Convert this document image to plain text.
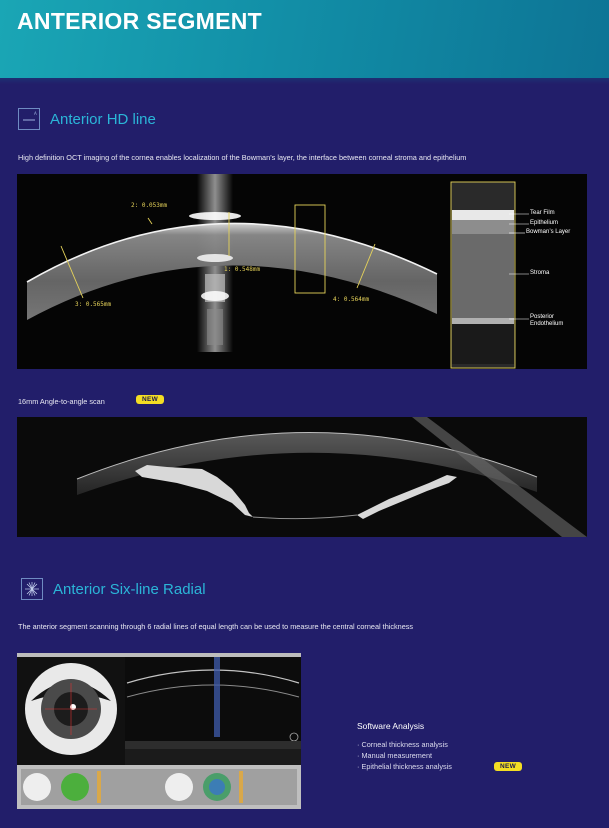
ANTERIOR SEGMENT
A Anterior HD line
High definition OCT imaging of the cornea enables localization of the Bowman’s layer, the interface between corneal stroma and epithelium
2: 0.053mm
1: 0.548mm
3: 0.565mm
4: 0.564mm
Tear Film
Epithelium
Bowman’s Layer
Stroma
Posterior Endothelium
16mm Angle-to-angle scan	NEW
Anterior Six-line Radial
The anterior segment scanning through 6 radial lines of equal length can be used to measure the central corneal thickness
Software Analysis
· Corneal thickness analysis
· Manual measurement
· Epithelial thickness analysis	NEW
